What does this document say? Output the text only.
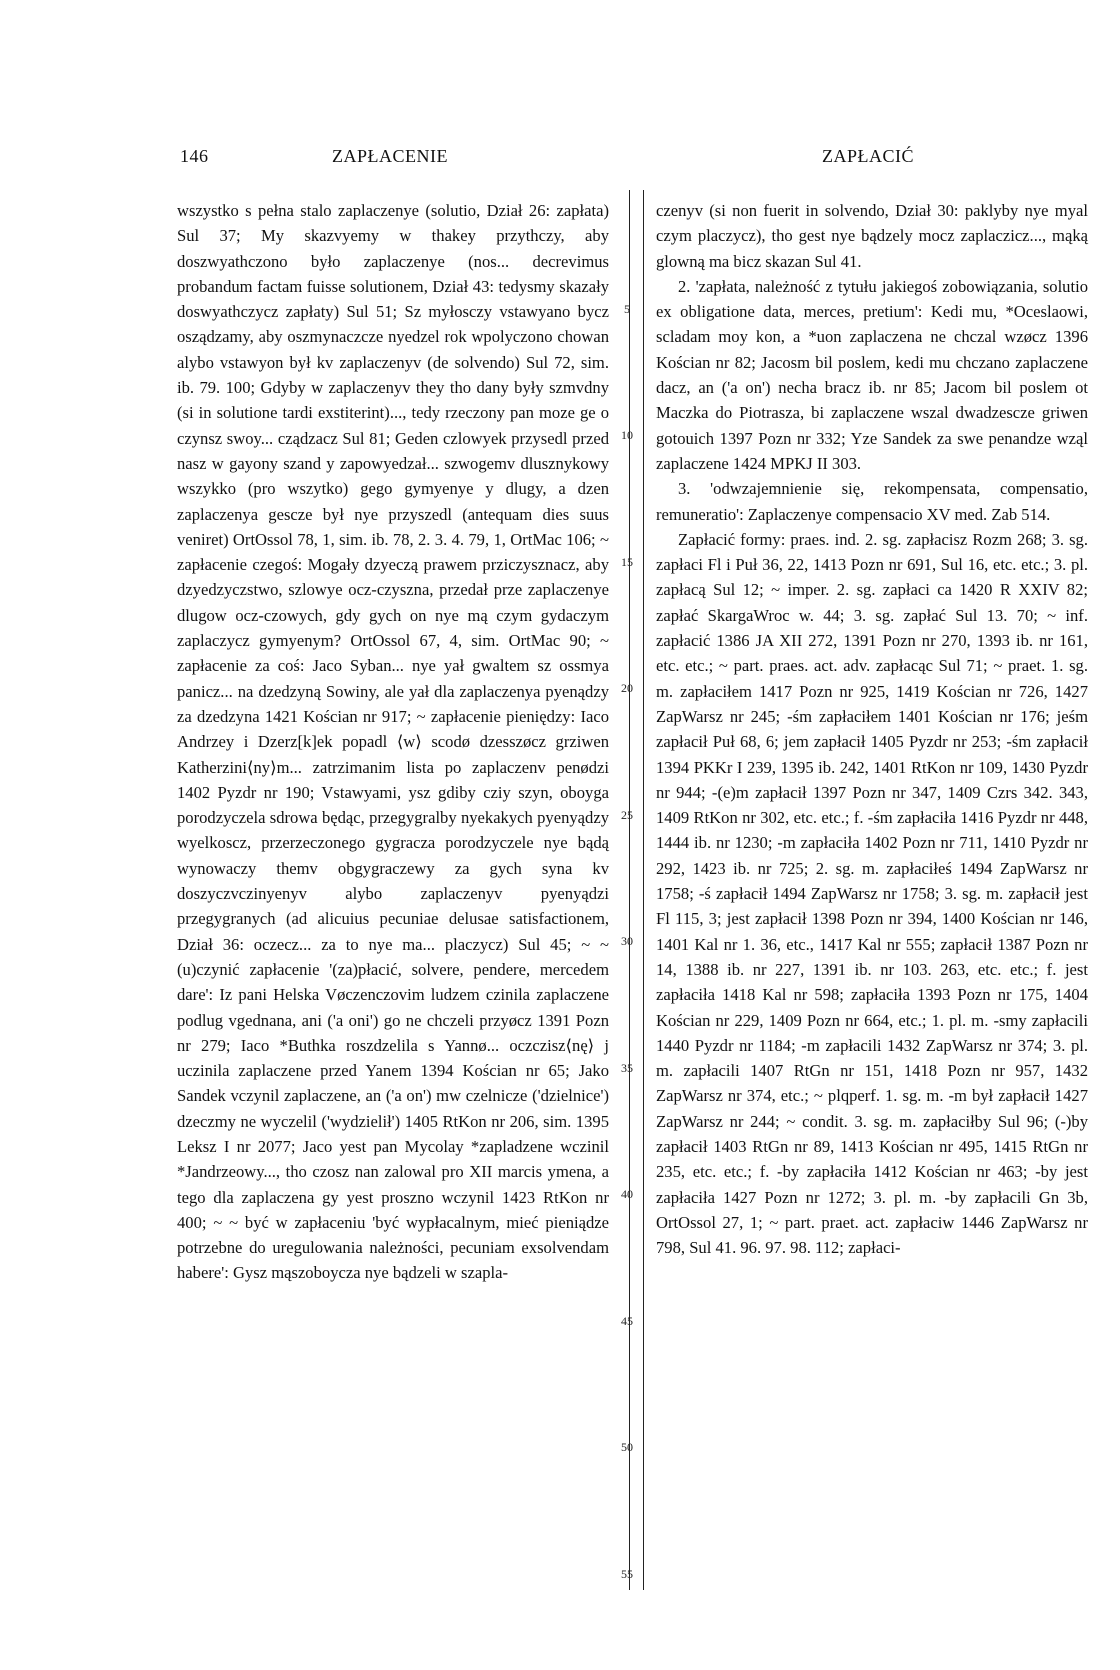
146	ZAPŁACENIE	ZAPŁACIĆ
5
10
15
20
25
30
35
40
45
50
55

wszystko s pełna stalo zaplaczenye (solutio, Dział 26: zapłata) Sul 37; My skazvyemy w thakey przythczy, aby doszwyathczono było zaplaczenye (nos... decrevimus probandum factam fuisse solutionem, Dział 43: tedysmy skazały doswyathczycz zapłaty) Sul 51; Sz myłosczy vstawyano bycz osządzamy, aby oszmynaczcze nyedzel rok wpolyczono chowan alybo vstawyon był kv zaplaczenyv (de solvendo) Sul 72, sim. ib. 79. 100; Gdyby w zaplaczenyv they tho dany były szmvdny (si in solutione tardi exstiterint)..., tedy rzeczony pan moze ge o czynsz swoy... cządzacz Sul 81; Geden czlowyek przysedl przed nasz w gayony szand y zapowyedzał... szwogemv dlusznykowy wszykko (pro wszytko) gego gymyenye y dlugy, a dzen zaplaczenya gescze był nye przyszedl (antequam dies suus veniret) OrtOssol 78, 1, sim. ib. 78, 2. 3. 4. 79, 1, OrtMac 106; ~ zapłacenie czegoś: Mogały dzyeczą prawem prziczysznacz, aby dzyedzyczstwo, szlowye ocz-czyszna, przedał prze zaplaczenye dlugow ocz-czowych, gdy gych on nye mą czym gydaczym zaplaczycz gymyenym? OrtOssol 67, 4, sim. OrtMac 90; ~ zapłacenie za coś: Jaco Syban... nye yał gwaltem sz ossmya panicz... na dzedzyną Sowiny, ale yał dla zaplaczenya pyenądzy za dzedzyna 1421 Kościan nr 917; ~ zapłacenie pieniędzy: Iaco Andrzey i Dzerz[k]ek popadl ⟨w⟩ scodø dzesszøcz grziwen Katherzini⟨ny⟩m... zatrzimanim lista po zaplaczenv penødzi 1402 Pyzdr nr 190; Vstawyami, ysz gdiby cziy szyn, oboyga porodzyczela sdrowa będąc, przegygralby nyekakych pyenyądzy wyelkoscz, przerzeczonego gygracza porodzyczele nye bądą wynowaczy themv obgygraczewy za gych syna kv doszyczvczinyenyv alybo zaplaczenyv pyenyądzi przegygranych (ad alicuius pecuniae delusae satisfactionem, Dział 36: oczecz... za to nye ma... placzycz) Sul 45; ~ ~ (u)czynić zapłacenie '(za)płacić, solvere, pendere, mercedem dare': Iz pani Helska Vøczenczovim ludzem czinila zaplaczene podlug vgednana, ani ('a oni') go ne chczeli przyøcz 1391 Pozn nr 279; Iaco *Buthka roszdzelila s Yannø... oczczisz⟨nę⟩ j uczinila zaplaczene przed Yanem 1394 Kościan nr 65; Jako Sandek vczynil zaplaczene, an ('a on') mw czelnicze ('dzielnice') dzeczmy ne wyczelil ('wydzielił') 1405 RtKon nr 206, sim. 1395 Leksz I nr 2077; Jaco yest pan Mycolay *zapladzene wczinil *Jandrzeowy..., tho czosz nan zalowal pro XII marcis ymena, a tego dla zaplaczena gy yest proszno wczynil 1423 RtKon nr 400; ~ ~ być w zapłaceniu 'być wypłacalnym, mieć pieniądze potrzebne do uregulowania należności, pecuniam exsolvendam habere': Gysz mąszoboycza nye bądzeli w szapla-

czenyv (si non fuerit in solvendo, Dział 30: paklyby nye myal czym placzycz), tho gest nye bądzely mocz zaplaczicz..., mąką glowną ma bicz skazan Sul 41.

2. 'zapłata, należność z tytułu jakiegoś zobowiązania, solutio ex obligatione data, merces, pretium': Kedi mu, *Oceslaowi, scladam moy kon, a *uon zaplaczena ne chczal wzøcz 1396 Kościan nr 82; Jacosm bil poslem, kedi mu chczano zaplaczene dacz, an ('a on') necha bracz ib. nr 85; Jacom bil poslem ot Maczka do Piotrasza, bi zaplaczene wszal dwadzescze griwen gotouich 1397 Pozn nr 332; Yze Sandek za swe penandze wząl zaplaczene 1424 MPKJ II 303.

3. 'odwzajemnienie się, rekompensata, compensatio, remuneratio': Zaplaczenye compensacio XV med. Zab 514.

Zapłacić formy: praes. ind. 2. sg. zapłacisz Rozm 268; 3. sg. zapłaci Fl i Puł 36, 22, 1413 Pozn nr 691, Sul 16, etc. etc.; 3. pl. zapłacą Sul 12; ~ imper. 2. sg. zapłaci ca 1420 R XXIV 82; zapłać SkargaWroc w. 44; 3. sg. zapłać Sul 13. 70; ~ inf. zapłacić 1386 JA XII 272, 1391 Pozn nr 270, 1393 ib. nr 161, etc. etc.; ~ part. praes. act. adv. zapłacąc Sul 71; ~ praet. 1. sg. m. zapłaciłem 1417 Pozn nr 925, 1419 Kościan nr 726, 1427 ZapWarsz nr 245; -śm zapłaciłem 1401 Kościan nr 176; jeśm zapłacił Puł 68, 6; jem zapłacił 1405 Pyzdr nr 253; -śm zapłacił 1394 PKKr I 239, 1395 ib. 242, 1401 RtKon nr 109, 1430 Pyzdr nr 944; -(e)m zapłacił 1397 Pozn nr 347, 1409 Czrs 342. 343, 1409 RtKon nr 302, etc. etc.; f. -śm zapłaciła 1416 Pyzdr nr 448, 1444 ib. nr 1230; -m zapłaciła 1402 Pozn nr 711, 1410 Pyzdr nr 292, 1423 ib. nr 725; 2. sg. m. zapłaciłeś 1494 ZapWarsz nr 1758; -ś zapłacił 1494 ZapWarsz nr 1758; 3. sg. m. zapłacił jest Fl 115, 3; jest zapłacił 1398 Pozn nr 394, 1400 Kościan nr 146, 1401 Kal nr 1. 36, etc., 1417 Kal nr 555; zapłacił 1387 Pozn nr 14, 1388 ib. nr 227, 1391 ib. nr 103. 263, etc. etc.; f. jest zapłaciła 1418 Kal nr 598; zapłaciła 1393 Pozn nr 175, 1404 Kościan nr 229, 1409 Pozn nr 664, etc.; 1. pl. m. -smy zapłacili 1440 Pyzdr nr 1184; -m zapłacili 1432 ZapWarsz nr 374; 3. pl. m. zapłacili 1407 RtGn nr 151, 1418 Pozn nr 957, 1432 ZapWarsz nr 374, etc.; ~ plqperf. 1. sg. m. -m był zapłacił 1427 ZapWarsz nr 244; ~ condit. 3. sg. m. zapłaciłby Sul 96; (-)by zapłacił 1403 RtGn nr 89, 1413 Kościan nr 495, 1415 RtGn nr 235, etc. etc.; f. -by zapłaciła 1412 Kościan nr 463; -by jest zapłaciła 1427 Pozn nr 1272; 3. pl. m. -by zapłacili Gn 3b, OrtOssol 27, 1; ~ part. praet. act. zapłaciw 1446 ZapWarsz nr 798, Sul 41. 96. 97. 98. 112; zapłaci-
